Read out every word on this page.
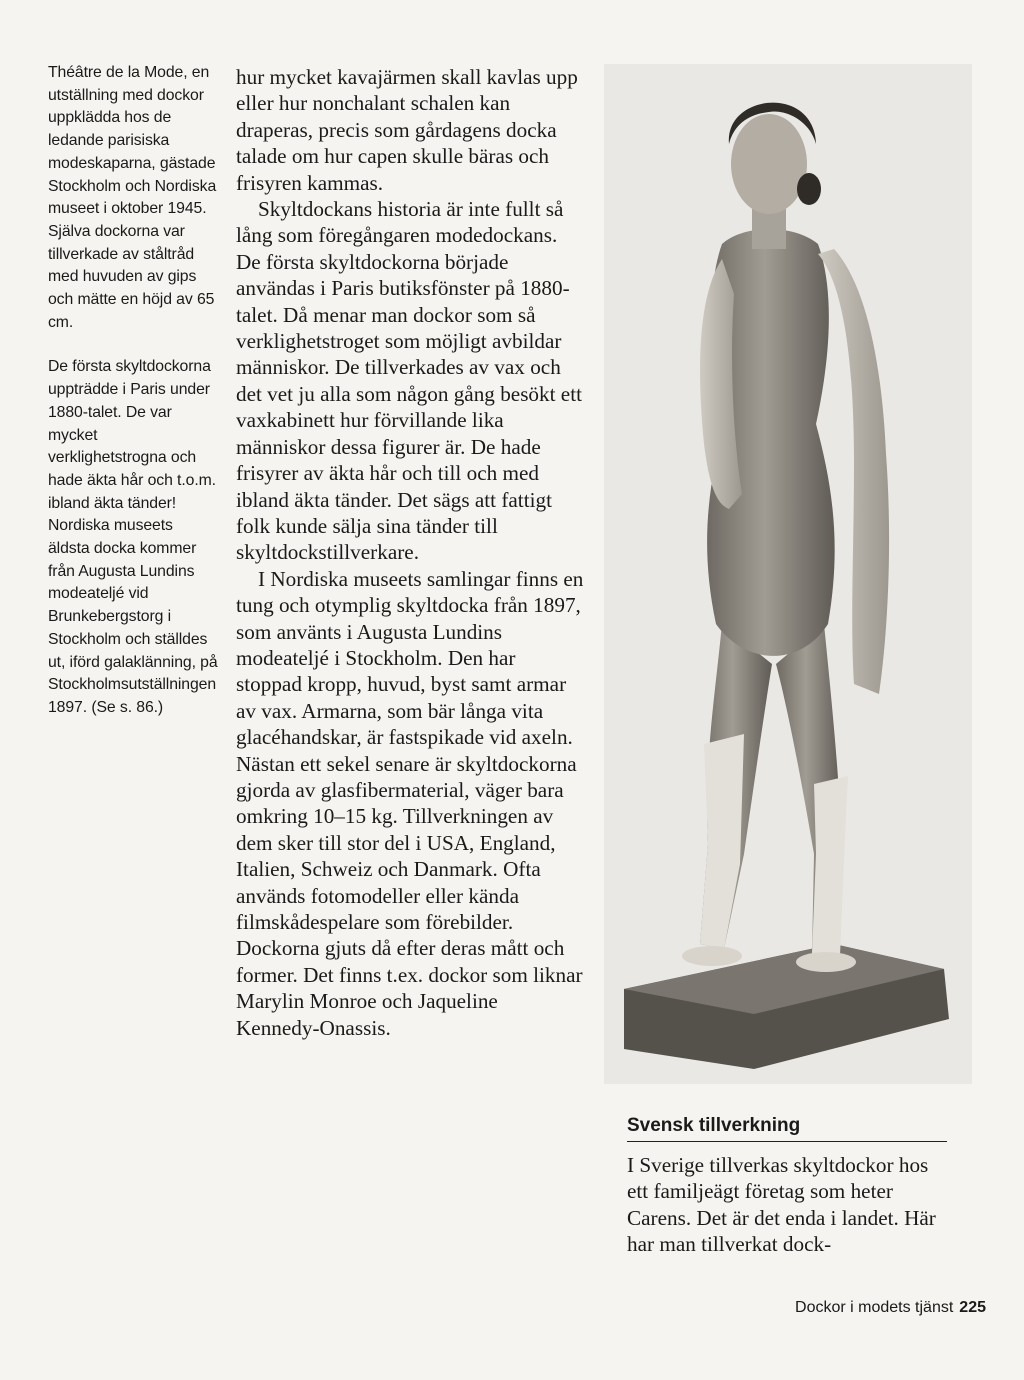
Théâtre de la Mode, en utställning med dockor uppklädda hos de ledande parisiska modeskaparna, gästade Stockholm och Nordiska museet i oktober 1945. Själva dockorna var tillverkade av ståltråd med huvuden av gips och mätte en höjd av 65 cm.

De första skyltdockorna uppträdde i Paris under 1880-talet. De var mycket verklighetstrogna och hade äkta hår och t.o.m. ibland äkta tänder! Nordiska museets äldsta docka kommer från Augusta Lundins modeateljé vid Brunkebergstorg i Stockholm och ställdes ut, iförd galaklänning, på Stockholmsutställningen 1897. (Se s. 86.)

hur mycket kavajärmen skall kavlas upp eller hur nonchalant schalen kan draperas, precis som gårdagens docka talade om hur capen skulle bäras och frisyren kammas.

Skyltdockans historia är inte fullt så lång som föregångaren modedockans. De första skyltdockorna började användas i Paris butiksfönster på 1880-talet. Då menar man dockor som så verklighetstroget som möjligt avbildar människor. De tillverkades av vax och det vet ju alla som någon gång besökt ett vaxkabinett hur förvillande lika människor dessa figurer är. De hade frisyrer av äkta hår och till och med ibland äkta tänder. Det sägs att fattigt folk kunde sälja sina tänder till skyltdockstillverkare.

I Nordiska museets samlingar finns en tung och otymplig skyltdocka från 1897, som använts i Augusta Lundins modeateljé i Stockholm. Den har stoppad kropp, huvud, byst samt armar av vax. Armarna, som bär långa vita glacéhandskar, är fastspikade vid axeln. Nästan ett sekel senare är skyltdockorna gjorda av glasfibermaterial, väger bara omkring 10–15 kg. Tillverkningen av dem sker till stor del i USA, England, Italien, Schweiz och Danmark. Ofta används fotomodeller eller kända filmskådespelare som förebilder. Dockorna gjuts då efter deras mått och former. Det finns t.ex. dockor som liknar Marylin Monroe och Jaqueline Kennedy-Onassis.

Svensk tillverkning

I Sverige tillverkas skyltdockor hos ett familjeägt företag som heter Carens. Det är det enda i landet. Här har man tillverkat dock-

Dockor i modets tjänst 225
